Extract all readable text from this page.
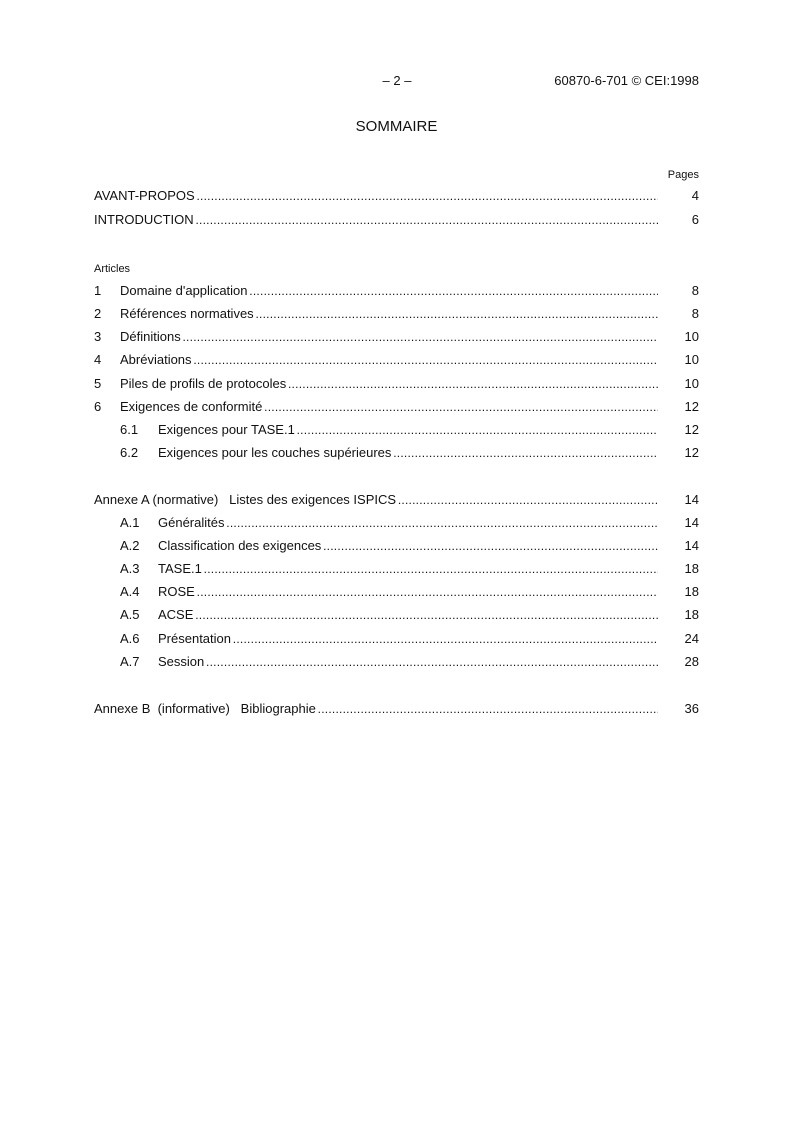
– 2 –	60870-6-701 © CEI:1998
SOMMAIRE
Pages
AVANT-PROPOS . . .	4
INTRODUCTION . . .	6
Articles
1 Domaine d'application . . .	8
2 Références normatives . . .	8
3 Définitions . . .	10
4 Abréviations . . .	10
5 Piles de profils de protocoles . . .	10
6 Exigences de conformité . . .	12
6.1 Exigences pour TASE.1 . . .	12
6.2 Exigences pour les couches supérieures . . .	12
Annexe A (normative)   Listes des exigences ISPICS . . .	14
A.1 Généralités . . .	14
A.2 Classification des exigences . . .	14
A.3 TASE.1 . . .	18
A.4 ROSE . . .	18
A.5 ACSE . . .	18
A.6 Présentation . . .	24
A.7 Session . . .	28
Annexe B  (informative)   Bibliographie . . .	36
